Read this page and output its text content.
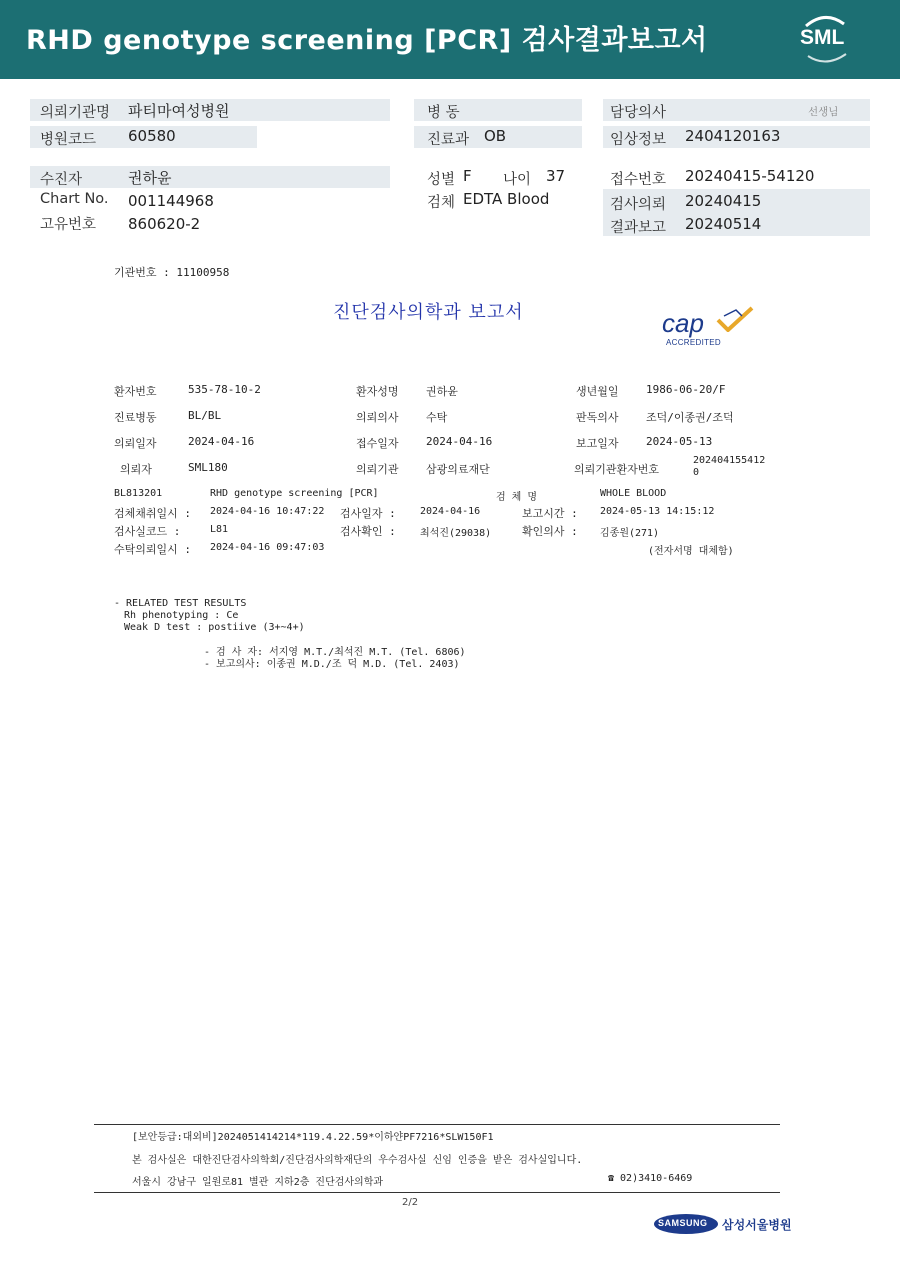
RHD genotype screening [PCR] 검사결과보고서	SML
의뢰기관명 파티마여성병원
병원코드 60580
수진자	권하윤
Chart No. 001144968
고유번호 860620-2
병 동
진료과 OB
성별 F 나이 37
검체 EDTA Blood
담당의사	선생님
임상정보 2404120163
접수번호 20240415-54120
검사의뢰 20240415
결과보고 20240514
기관번호 : 11100958
진단검사의학과 보고서	cap
ACCREDITED
환자번호	535-78-10-2	환자성명 권하윤	생년월일 1986-06-20/F
진료병동	BL/BL	의뢰의사 수탁	판독의사 조덕/이종권/조덕
의뢰일자	2024-04-16	접수일자 2024-04-16	보고일자 2024-05-13
의뢰자	SML180	의뢰기관 삼광의료재단	의뢰기관환자번호
202404155412
0
BL813201	RHD genotype screening [PCR]	검 체 명	WHOLE BLOOD
검체채취일시 : 2024-04-16 10:47:22 검사일자 : 2024-04-16	보고시간 : 2024-05-13 14:15:12
검사실코드 :	L81	검사확인 : 최석진(29038)	확인의사 : 김종원(271)
수탁의뢰일시 : 2024-04-16 09:47:03	(전자서명 대체함)
- RELATED TEST RESULTS
Rh phenotyping : Ce
Weak D test : postiive (3+~4+)
- 검 사 자: 서지영 M.T./최석진 M.T. (Tel. 6806)
- 보고의사: 이종권 M.D./조 덕 M.D. (Tel. 2403)
[보안등급:대외비]2024051414214*119.4.22.59*이하얀PF7216*SLW150F1
본 검사실은 대한진단검사의학회/진단검사의학재단의 우수검사실 신임 인증을 받은 검사실입니다.
서울시 강남구 일원로81 별관 지하2층 진단검사의학과	☎ 02)3410-6469
2/2
SAMSUNG 삼성서울병원
